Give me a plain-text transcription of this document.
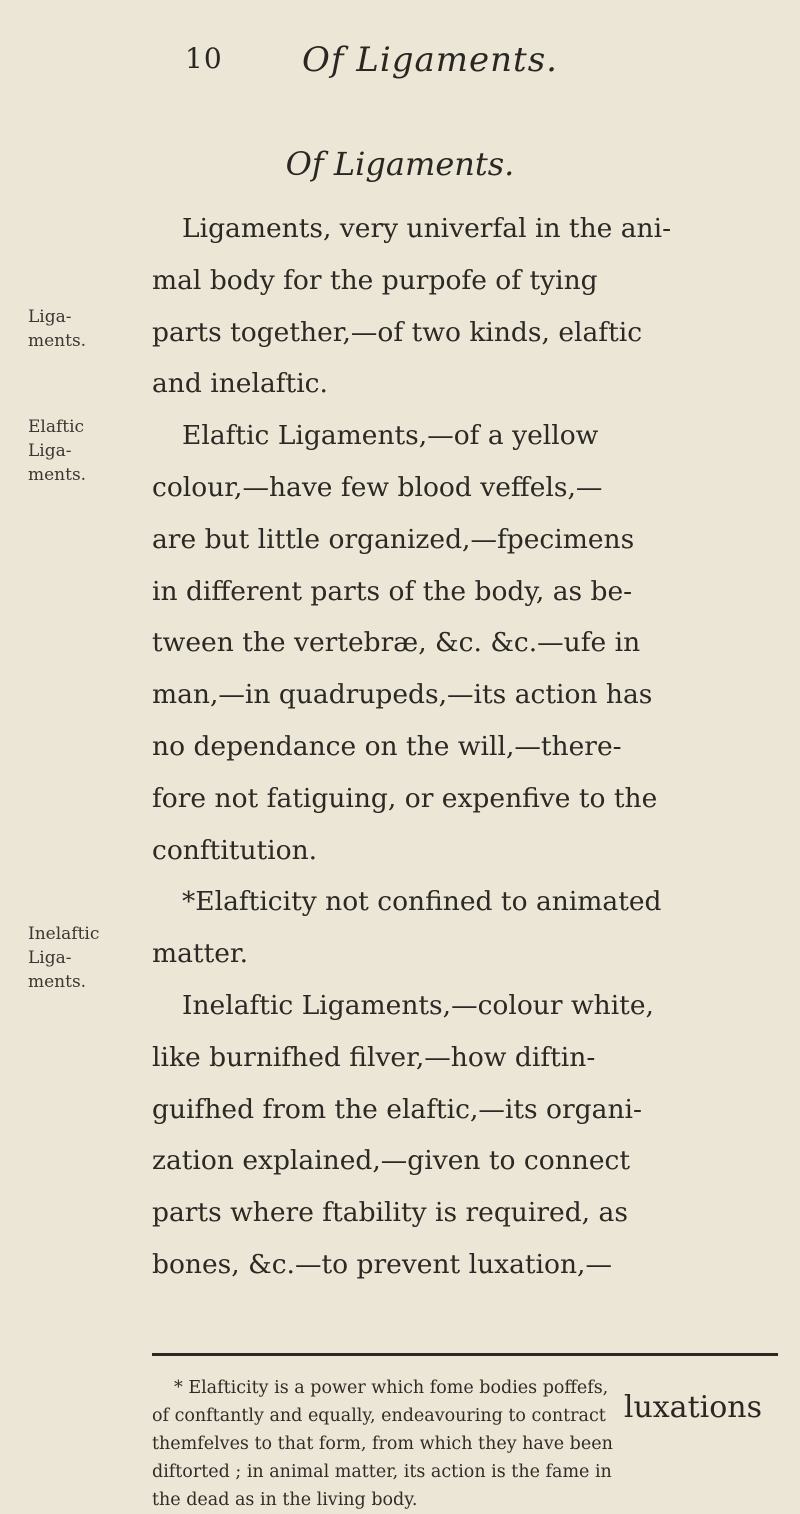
10 Of Ligaments.
Of Ligaments.
Liga-
ments.
Elaftic
Liga-
ments.
Inelaftic
Liga-
ments.
Ligaments, very univerfal in the ani-
mal body for the purpofe of tying
parts together,—of two kinds, elaftic
and inelaftic.
Elaftic Ligaments,—of a yellow
colour,—have few blood veffels,—
are but little organized,—fpecimens
in different parts of the body, as be-
tween the vertebræ, &c. &c.—ufe in
man,—in quadrupeds,—its action has
no dependance on the will,—there-
fore not fatiguing, or expenfive to the
conftitution.
*Elafticity not confined to animated
matter.
Inelaftic Ligaments,—colour white,
like burnifhed filver,—how diftin-
guifhed from the elaftic,—its organi-
zation explained,—given to connect
parts where ftability is required, as
bones, &c.—to prevent luxation,—
* Elafticity is a power which fome bodies poffefs,
of conftantly and equally, endeavouring to contract
themfelves to that form, from which they have been
diftorted ; in animal matter, its action is the fame in
the dead as in the living body.
luxations
